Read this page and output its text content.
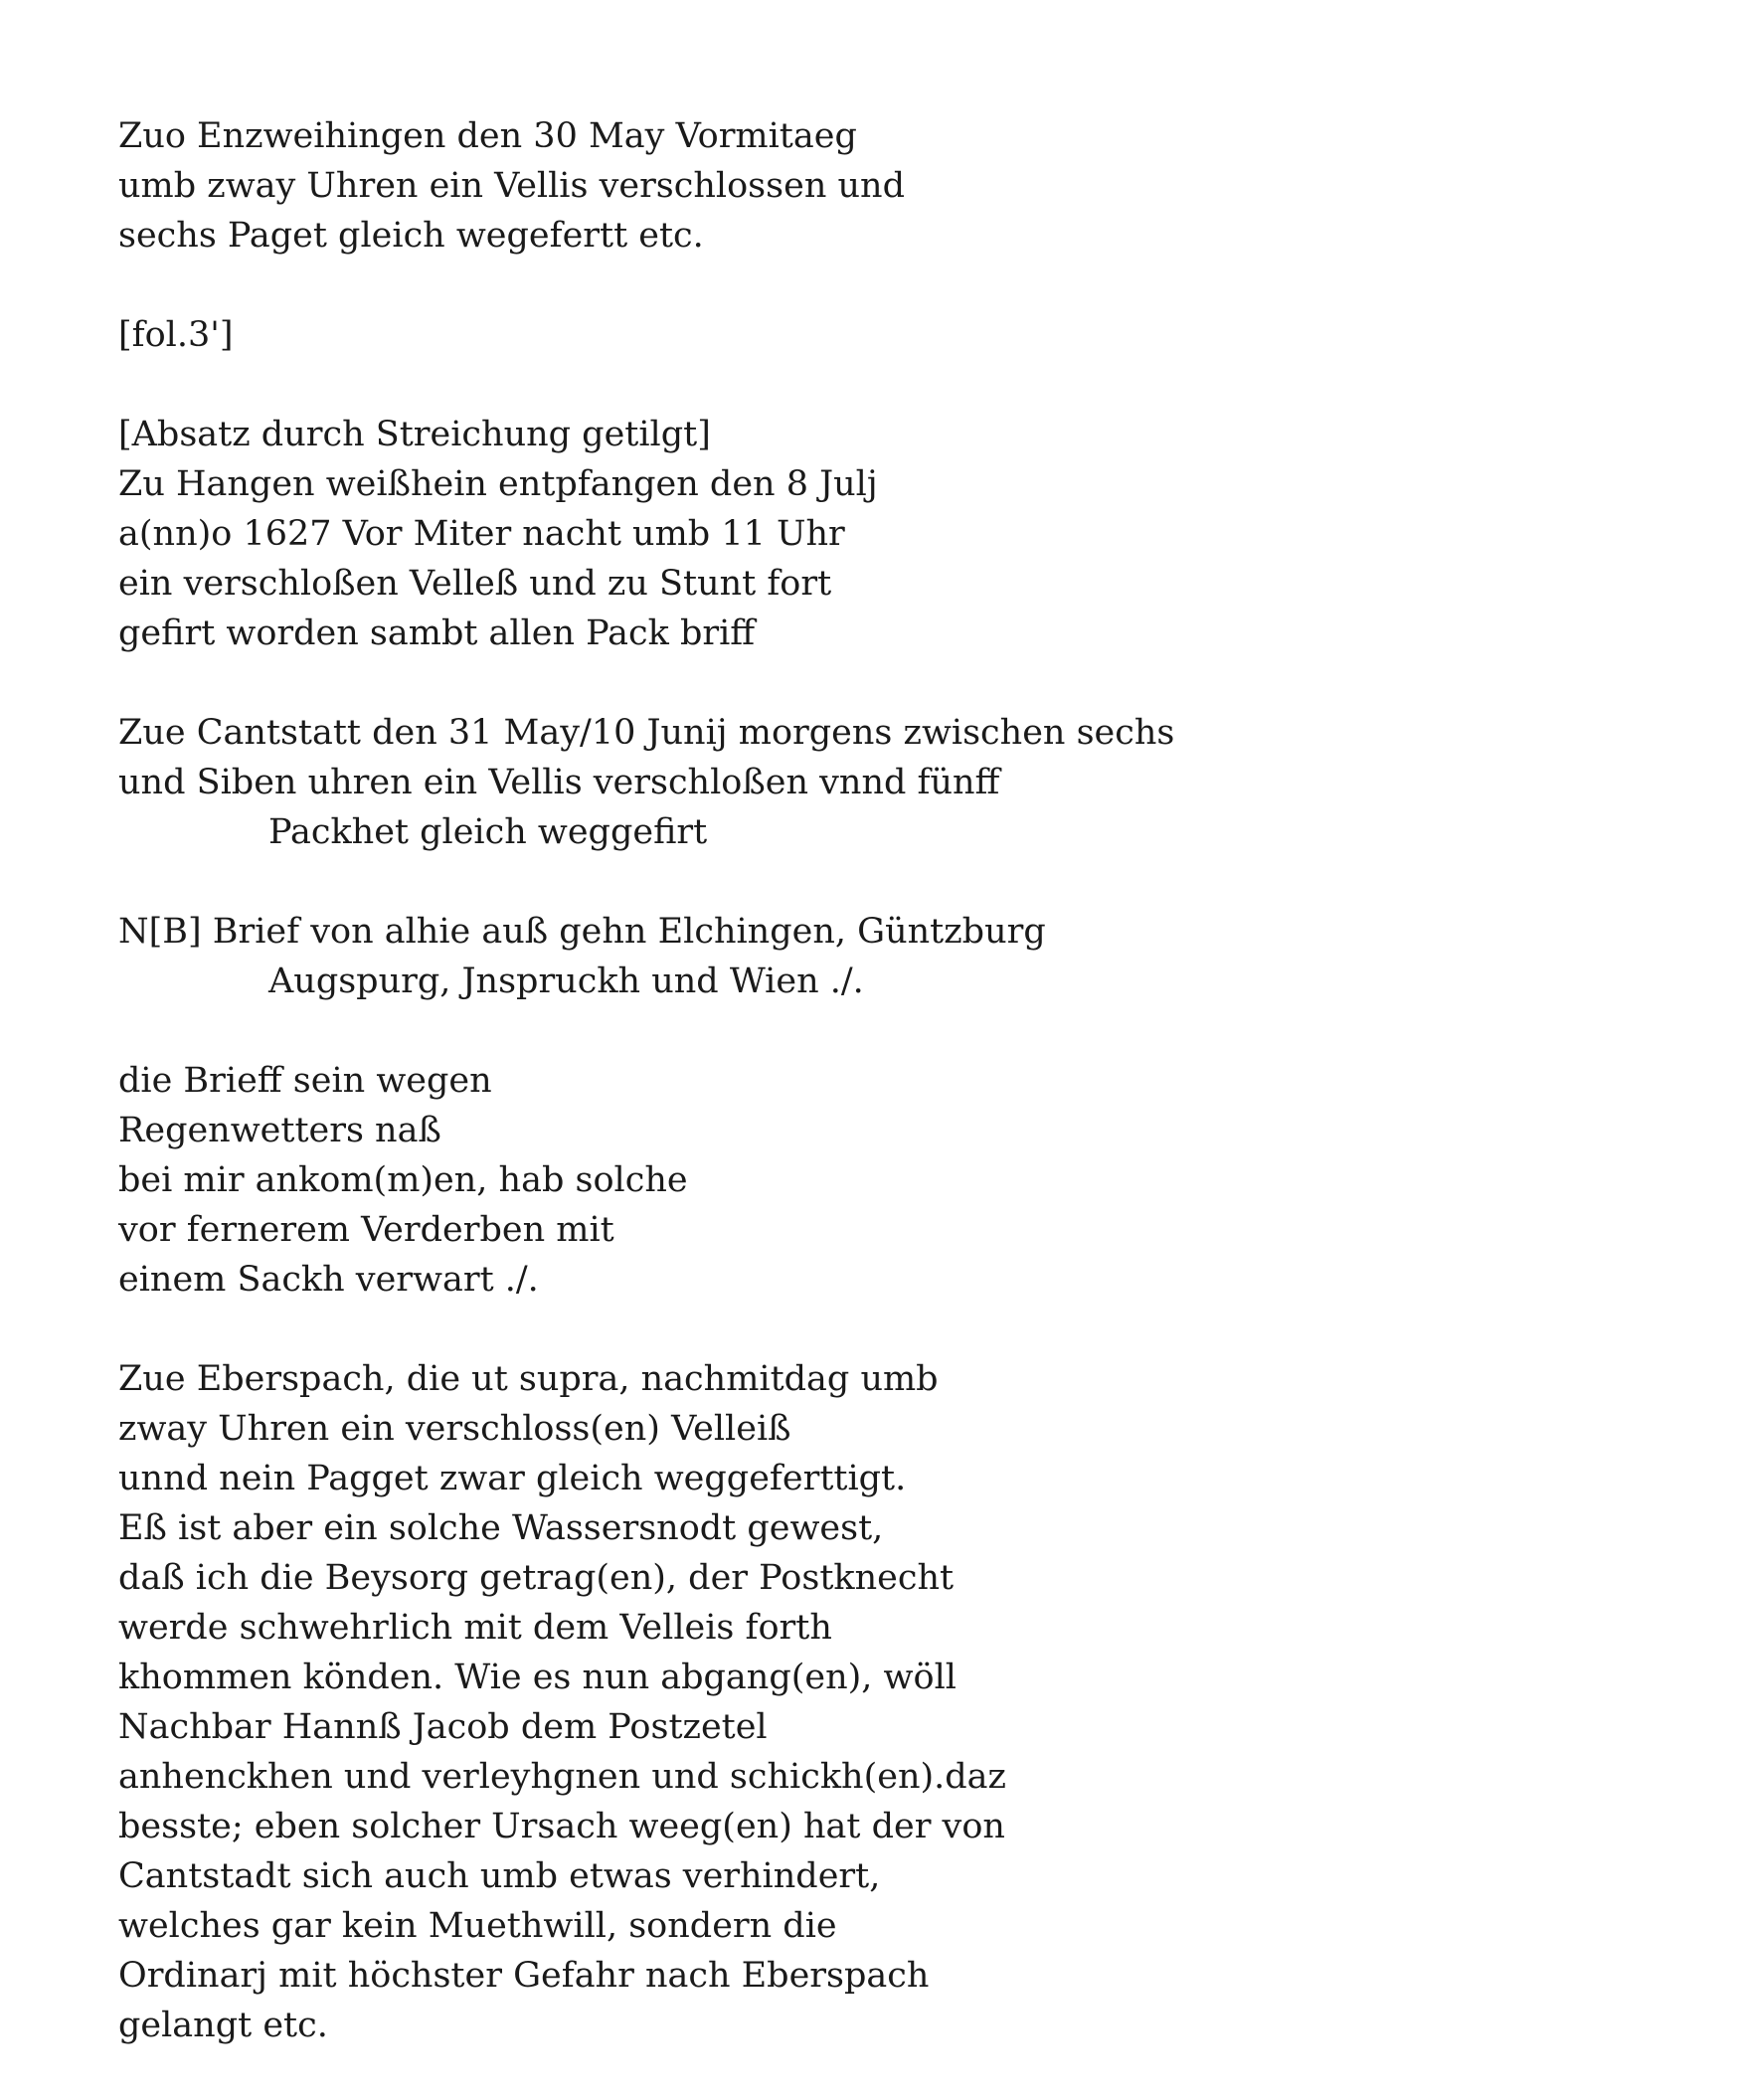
Zuo Enzweihingen den 30 May Vormitaeg
umb zway Uhren ein Vellis verschlossen und
sechs Paget gleich wegefertt etc.
[fol.3']
[Absatz durch Streichung getilgt]
Zu Hangen weißhein entpfangen den 8 Julj
a(nn)o 1627 Vor Miter nacht umb 11 Uhr
ein verschloßen Velleß und zu Stunt fort
gefirt worden sambt allen Pack briff
Zue Cantstatt den 31 May/10 Junij morgens zwischen sechs
und Siben uhren ein Vellis verschloßen vnnd fünff
Packhet gleich weggefirt
N[B] Brief von alhie auß gehn Elchingen, Güntzburg
Augspurg, Jnspruckh und Wien ./.
die Brieff sein wegen
Regenwetters naß
bei mir ankom(m)en, hab solche
vor fernerem Verderben mit
einem Sackh verwart ./.
Zue Eberspach, die ut supra, nachmitdag umb
zway Uhren ein verschloss(en) Velleiß
unnd nein Pagget zwar gleich weggeferttigt.
Eß ist aber ein solche Wassersnodt gewest,
daß ich die Beysorg getrag(en), der Postknecht
werde schwehrlich mit dem Velleis forth
khommen könden. Wie es nun abgang(en), wöll
Nachbar Hannß Jacob dem Postzetel
anhenckhen und verleyhgnen und schickh(en).daz
besste; eben solcher Ursach weeg(en) hat der von
Cantstadt sich auch umb etwas verhindert,
welches gar kein Muethwill, sondern die
Ordinarj mit höchster Gefahr nach Eberspach
gelangt etc.
